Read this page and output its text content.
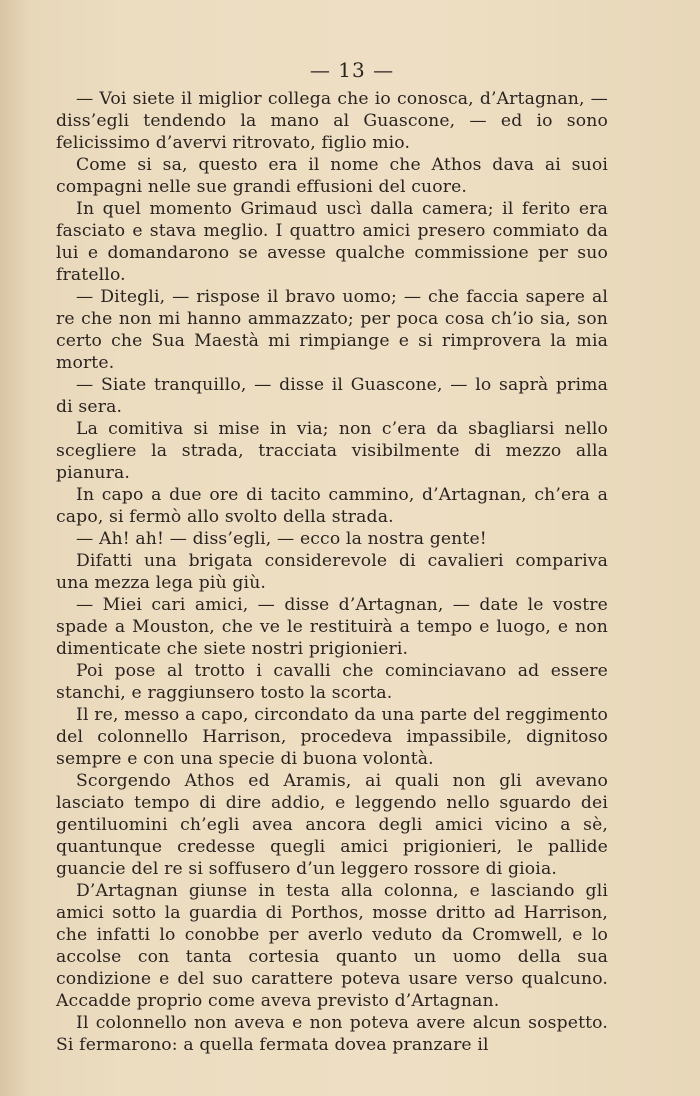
— 13 —

— Voi siete il miglior collega che io conosca, d’Artagnan, — diss’egli tendendo la mano al Guascone, — ed io sono felicissimo d’avervi ritrovato, figlio mio.

Come si sa, questo era il nome che Athos dava ai suoi compagni nelle sue grandi effusioni del cuore.

In quel momento Grimaud uscì dalla camera; il ferito era fasciato e stava meglio. I quattro amici presero commiato da lui e domandarono se avesse qualche commissione per suo fratello.

— Ditegli, — rispose il bravo uomo; — che faccia sapere al re che non mi hanno ammazzato; per poca cosa ch’io sia, son certo che Sua Maestà mi rimpiange e si rimprovera la mia morte.

— Siate tranquillo, — disse il Guascone, — lo saprà prima di sera.

La comitiva si mise in via; non c’era da sbagliarsi nello scegliere la strada, tracciata visibilmente di mezzo alla pianura.

In capo a due ore di tacito cammino, d’Artagnan, ch’era a capo, si fermò allo svolto della strada.

— Ah! ah! — diss’egli, — ecco la nostra gente!

Difatti una brigata considerevole di cavalieri compariva una mezza lega più giù.

— Miei cari amici, — disse d’Artagnan, — date le vostre spade a Mouston, che ve le restituirà a tempo e luogo, e non dimenticate che siete nostri prigionieri.

Poi pose al trotto i cavalli che cominciavano ad essere stanchi, e raggiunsero tosto la scorta.

Il re, messo a capo, circondato da una parte del reggimento del colonnello Harrison, procedeva impassibile, dignitoso sempre e con una specie di buona volontà.

Scorgendo Athos ed Aramis, ai quali non gli avevano lasciato tempo di dire addio, e leggendo nello sguardo dei gentiluomini ch’egli avea ancora degli amici vicino a sè, quantunque credesse quegli amici prigionieri, le pallide guancie del re si soffusero d’un leggero rossore di gioia.

D’Artagnan giunse in testa alla colonna, e lasciando gli amici sotto la guardia di Porthos, mosse dritto ad Harrison, che infatti lo conobbe per averlo veduto da Cromwell, e lo accolse con tanta cortesia quanto un uomo della sua condizione e del suo carattere poteva usare verso qualcuno. Accadde proprio come aveva previsto d’Artagnan.

Il colonnello non aveva e non poteva avere alcun sospetto. Si fermarono: a quella fermata dovea pranzare il
